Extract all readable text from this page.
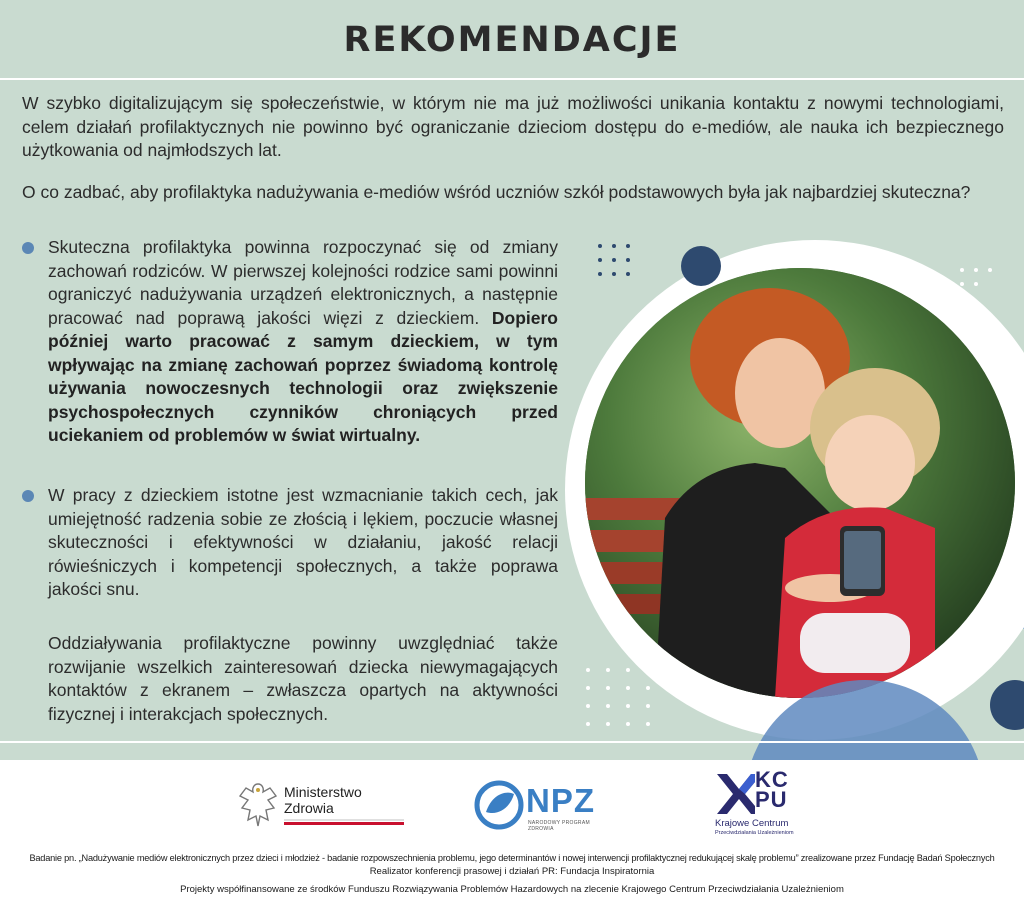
REKOMENDACJE
W szybko digitalizującym się społeczeństwie, w którym nie ma już możliwości unikania kontaktu z nowymi technologiami, celem działań profilaktycznych nie powinno być ograniczanie dzieciom dostępu do e-mediów, ale nauka ich bezpiecznego użytkowania od najmłodszych lat.
O co zadbać, aby profilaktyka nadużywania e-mediów wśród uczniów szkół podstawowych była jak najbardziej skuteczna?
Skuteczna profilaktyka powinna rozpoczynać się od zmiany zachowań rodziców. W pierwszej kolejności rodzice sami powinni ograniczyć nadużywania urządzeń elektronicznych, a następnie pracować nad poprawą jakości więzi z dzieckiem. Dopiero później warto pracować z samym dzieckiem, w tym wpływając na zmianę zachowań poprzez świadomą kontrolę używania nowoczesnych technologii oraz zwiększenie psychospołecznych czynników chroniących przed uciekaniem od problemów w świat wirtualny.
W pracy z dzieckiem istotne jest wzmacnianie takich cech, jak umiejętność radzenia sobie ze złością i lękiem, poczucie własnej skuteczności i efektywności w działaniu, jakość relacji rówieśniczych i kompetencji społecznych, a także poprawa jakości snu.
Oddziaływania profilaktyczne powinny uwzględniać także rozwijanie wszelkich zainteresowań dziecka niewymagających kontaktów z ekranem – zwłaszcza opartych na aktywności fizycznej i interakcjach społecznych.
Ministerstwo
Zdrowia	NPZ
NARODOWY PROGRAM ZDROWIA
KC
PU
Krajowe Centrum
Przeciwdziałania Uzależnieniom
Badanie pn. „Nadużywanie mediów elektronicznych przez dzieci i młodzież - badanie rozpowszechnienia problemu, jego determinantów i nowej interwencji profilaktycznej redukującej skalę problemu” zrealizowane przez Fundację Badań Społecznych
Realizator konferencji prasowej i działań PR: Fundacja Inspiratornia
Projekty współfinansowane ze środków Funduszu Rozwiązywania Problemów Hazardowych na zlecenie Krajowego Centrum Przeciwdziałania Uzależnieniom
